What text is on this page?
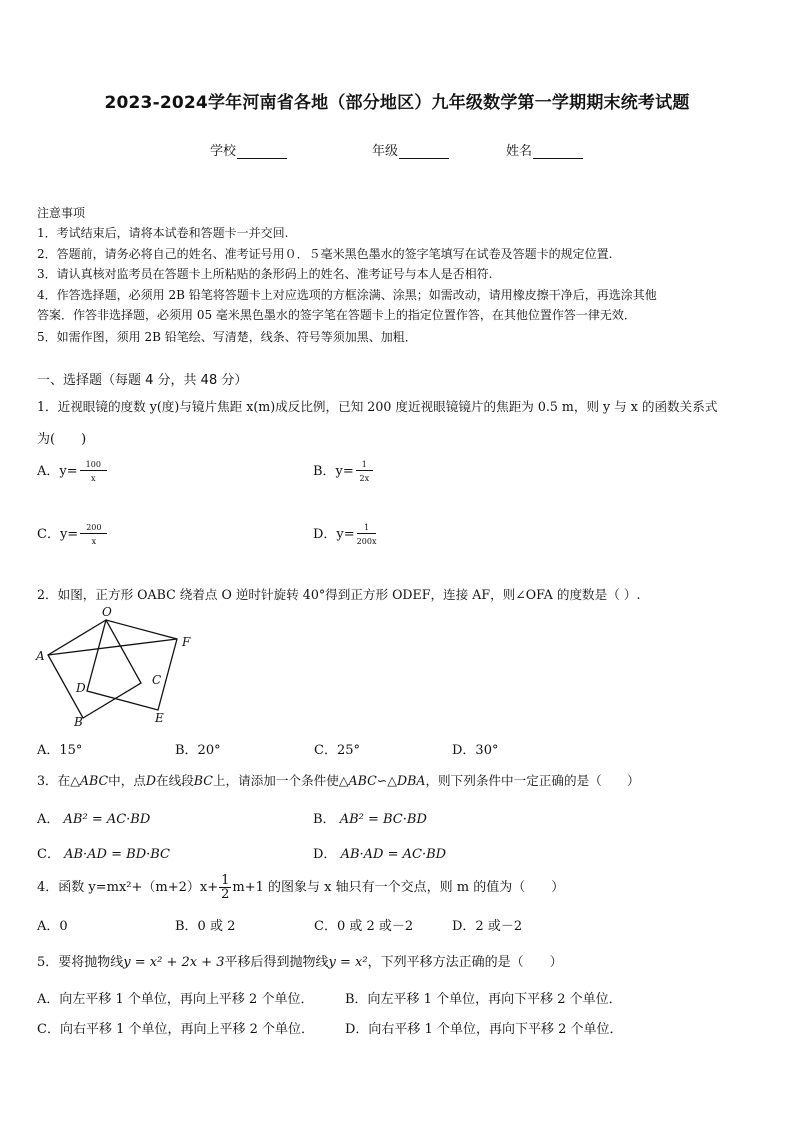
2023-2024学年河南省各地（部分地区）九年级数学第一学期期末统考试题
学校	年级	姓名
注意事项
1．考试结束后，请将本试卷和答题卡一并交回.
2．答题前，请务必将自己的姓名、准考证号用０．５毫米黑色墨水的签字笔填写在试卷及答题卡的规定位置.
3．请认真核对监考员在答题卡上所粘贴的条形码上的姓名、准考证号与本人是否相符.
4．作答选择题，必须用 2B 铅笔将答题卡上对应选项的方框涂满、涂黑；如需改动，请用橡皮擦干净后，再选涂其他
答案．作答非选择题，必须用 05 毫米黑色墨水的签字笔在答题卡上的指定位置作答，在其他位置作答一律无效．
5．如需作图，须用 2B 铅笔绘、写清楚，线条、符号等须加黑、加粗．
一、选择题（每题 4 分，共 48 分）
1．近视眼镜的度数 y(度)与镜片焦距 x(m)成反比例，已知 200 度近视眼镜镜片的焦距为 0.5 m，则 y 与 x 的函数关系式
为(　　)
A．$y= \frac{100}{x}$	B．$y= \frac{1}{2x}$
C．$y= \frac{200}{x}$	D．$y= \frac{1}{200x}$
2．如图，正方形 OABC 绕着点 O 逆时针旋转 40°得到正方形 ODEF，连接 AF，则∠OFA 的度数是（ ）.
O
A
F
D
C
B	E
A．15°	B．20°	C．25°	D．30°
3．在△ABC中，点D在线段BC上，请添加一个条件使△ABC∽△DBA，则下列条件中一定正确的是（　　）
A． AB² = AC·BD	B． AB² = BC·BD
C． AB·AD = BD·BC	D． AB·AD = AC·BD
4．函数 $y=mx^2+(m+2)x+ \frac{1}{2} m+1$ 的图象与 x 轴只有一个交点，则 m 的值为（　　）
A．0	B．0 或 2	C．0 或 2 或－2	D．2 或－2
5．要将抛物线y = x² + 2x + 3平移后得到抛物线y = x²，下列平移方法正确的是（　　）
A．向左平移 1 个单位，再向上平移 2 个单位． B．向左平移 1 个单位，再向下平移 2 个单位．
C．向右平移 1 个单位，再向上平移 2 个单位． D．向右平移 1 个单位，再向下平移 2 个单位．
